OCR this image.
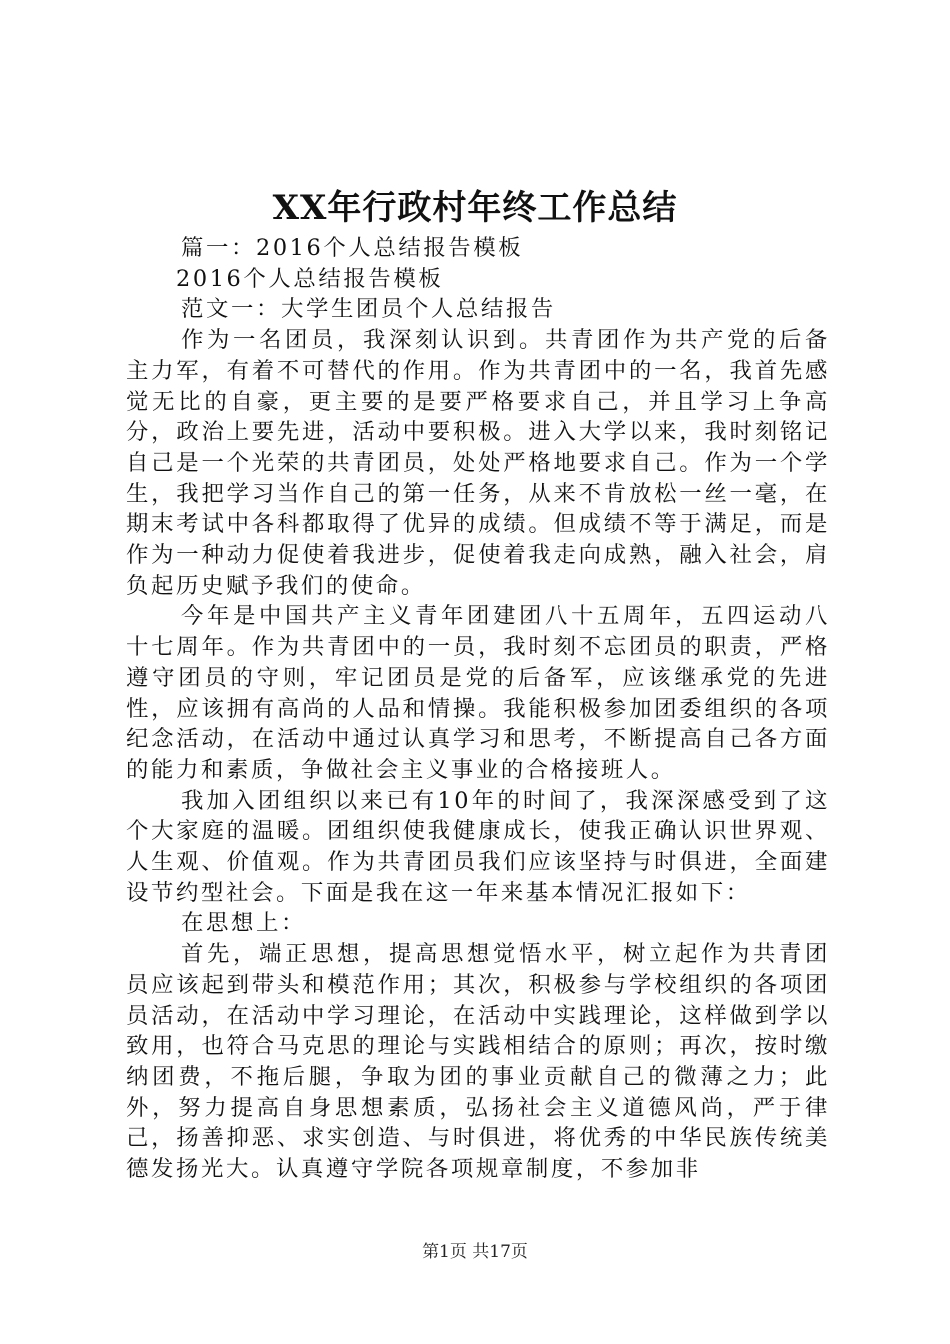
XX年行政村年终工作总结

篇一：2016个人总结报告模板

2016个人总结报告模板

范文一：大学生团员个人总结报告

作为一名团员，我深刻认识到。共青团作为共产党的后备主力军，有着不可替代的作用。作为共青团中的一名，我首先感觉无比的自豪，更主要的是要严格要求自己，并且学习上争高分，政治上要先进，活动中要积极。进入大学以来，我时刻铭记自己是一个光荣的共青团员，处处严格地要求自己。作为一个学生，我把学习当作自己的第一任务，从来不肯放松一丝一毫，在期末考试中各科都取得了优异的成绩。但成绩不等于满足，而是作为一种动力促使着我进步，促使着我走向成熟，融入社会，肩负起历史赋予我们的使命。

今年是中国共产主义青年团建团八十五周年，五四运动八十七周年。作为共青团中的一员，我时刻不忘团员的职责，严格遵守团员的守则，牢记团员是党的后备军，应该继承党的先进性，应该拥有高尚的人品和情操。我能积极参加团委组织的各项纪念活动，在活动中通过认真学习和思考，不断提高自己各方面的能力和素质，争做社会主义事业的合格接班人。

我加入团组织以来已有10年的时间了，我深深感受到了这个大家庭的温暖。团组织使我健康成长，使我正确认识世界观、人生观、价值观。作为共青团员我们应该坚持与时俱进，全面建设节约型社会。下面是我在这一年来基本情况汇报如下：

在思想上：

首先，端正思想，提高思想觉悟水平，树立起作为共青团员应该起到带头和模范作用；其次，积极参与学校组织的各项团员活动，在活动中学习理论，在活动中实践理论，这样做到学以致用，也符合马克思的理论与实践相结合的原则；再次，按时缴纳团费，不拖后腿，争取为团的事业贡献自己的微薄之力；此外，努力提高自身思想素质，弘扬社会主义道德风尚，严于律己，扬善抑恶、求实创造、与时俱进，将优秀的中华民族传统美德发扬光大。认真遵守学院各项规章制度，不参加非

第1页 共17页
